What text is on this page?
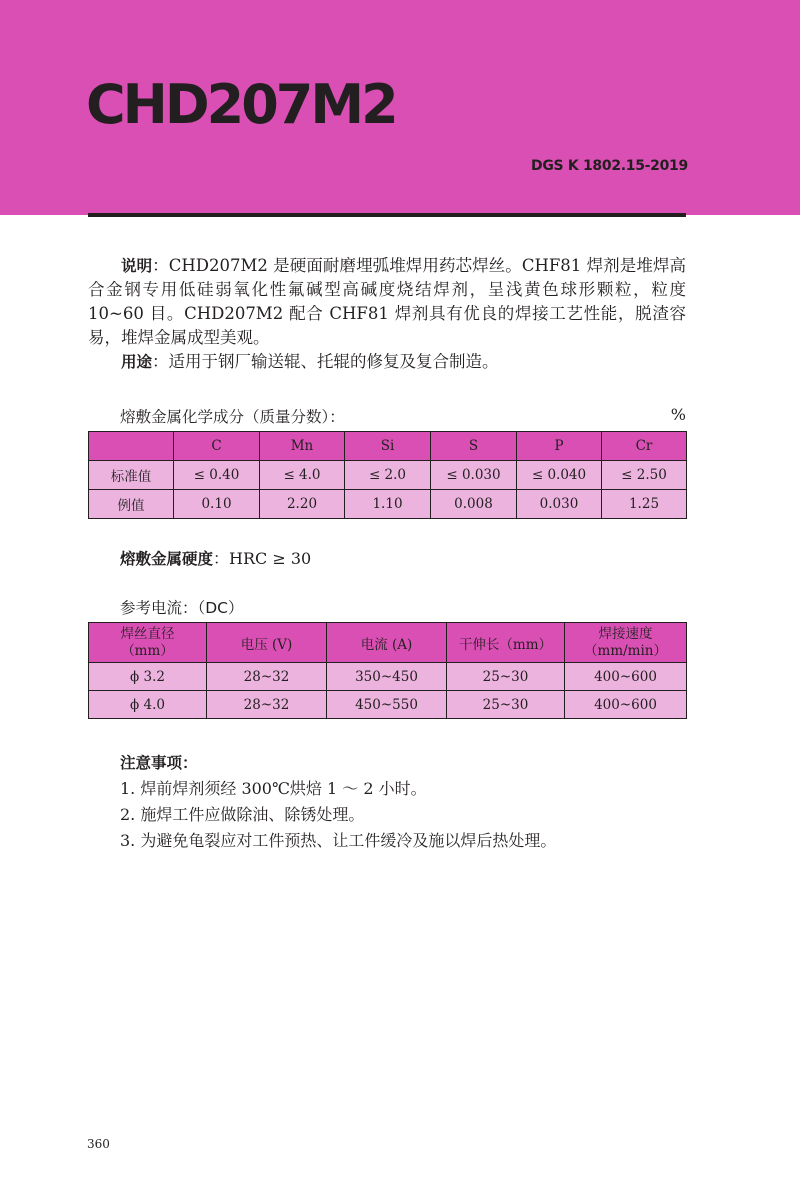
CHD207M2
DGS K 1802.15-2019

说明：CHD207M2 是硬面耐磨埋弧堆焊用药芯焊丝。CHF81 焊剂是堆焊高合金钢专用低硅弱氧化性氟碱型高碱度烧结焊剂，呈浅黄色球形颗粒，粒度 10~60 目。CHD207M2 配合 CHF81 焊剂具有优良的焊接工艺性能，脱渣容易，堆焊金属成型美观。

用途：适用于钢厂输送辊、托辊的修复及复合制造。

熔敷金属化学成分（质量分数）：	%
	C	Mn	Si	S	P	Cr
标准值	≤ 0.40	≤ 4.0	≤ 2.0	≤ 0.030	≤ 0.040	≤ 2.50
例值	0.10	2.20	1.10	0.008	0.030	1.25
熔敷金属硬度：HRC ≥ 30
参考电流：（DC）
焊丝直径
（mm）	电压 (V)	电流 (A)	干伸长（mm）	焊接速度
（mm/min）
ϕ 3.2	28~32	350~450	25~30	400~600
ϕ 4.0	28~32	450~550	25~30	400~600
注意事项：
1. 焊前焊剂须经 300℃烘焙 1 ～ 2 小时。
2. 施焊工件应做除油、除锈处理。
3. 为避免龟裂应对工件预热、让工件缓冷及施以焊后热处理。
360
